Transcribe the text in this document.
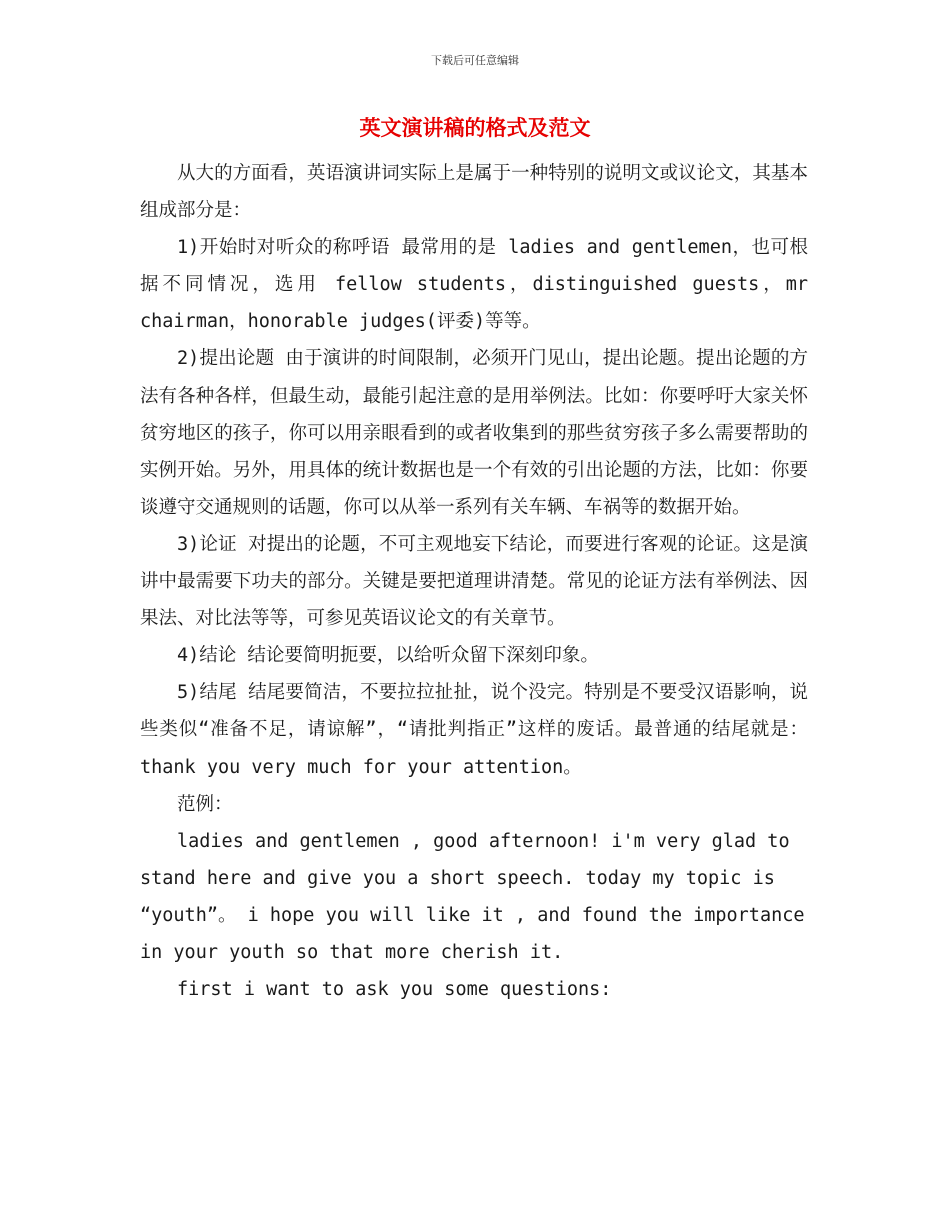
下载后可任意编辑
英文演讲稿的格式及范文

从大的方面看，英语演讲词实际上是属于一种特别的说明文或议论文，其基本组成部分是：

1)开始时对听众的称呼语 最常用的是 ladies and gentlemen，也可根据不同情况，选用 fellow students，distinguished guests，mr chairman，honorable judges(评委)等等。

2)提出论题 由于演讲的时间限制，必须开门见山，提出论题。提出论题的方法有各种各样，但最生动，最能引起注意的是用举例法。比如：你要呼吁大家关怀贫穷地区的孩子，你可以用亲眼看到的或者收集到的那些贫穷孩子多么需要帮助的实例开始。另外，用具体的统计数据也是一个有效的引出论题的方法，比如：你要谈遵守交通规则的话题，你可以从举一系列有关车辆、车祸等的数据开始。

3)论证 对提出的论题，不可主观地妄下结论，而要进行客观的论证。这是演讲中最需要下功夫的部分。关键是要把道理讲清楚。常见的论证方法有举例法、因果法、对比法等等，可参见英语议论文的有关章节。

4)结论 结论要简明扼要，以给听众留下深刻印象。

5)结尾 结尾要简洁，不要拉拉扯扯，说个没完。特别是不要受汉语影响，说些类似“准备不足，请谅解”，“请批判指正”这样的废话。最普通的结尾就是：thank you very much for your attention。

范例：

ladies and gentlemen , good afternoon! i'm very glad to stand here and give you a short speech. today my topic is “youth”。 i hope you will like it , and found the importance in your youth so that more cherish it.

first i want to ask you some questions:
